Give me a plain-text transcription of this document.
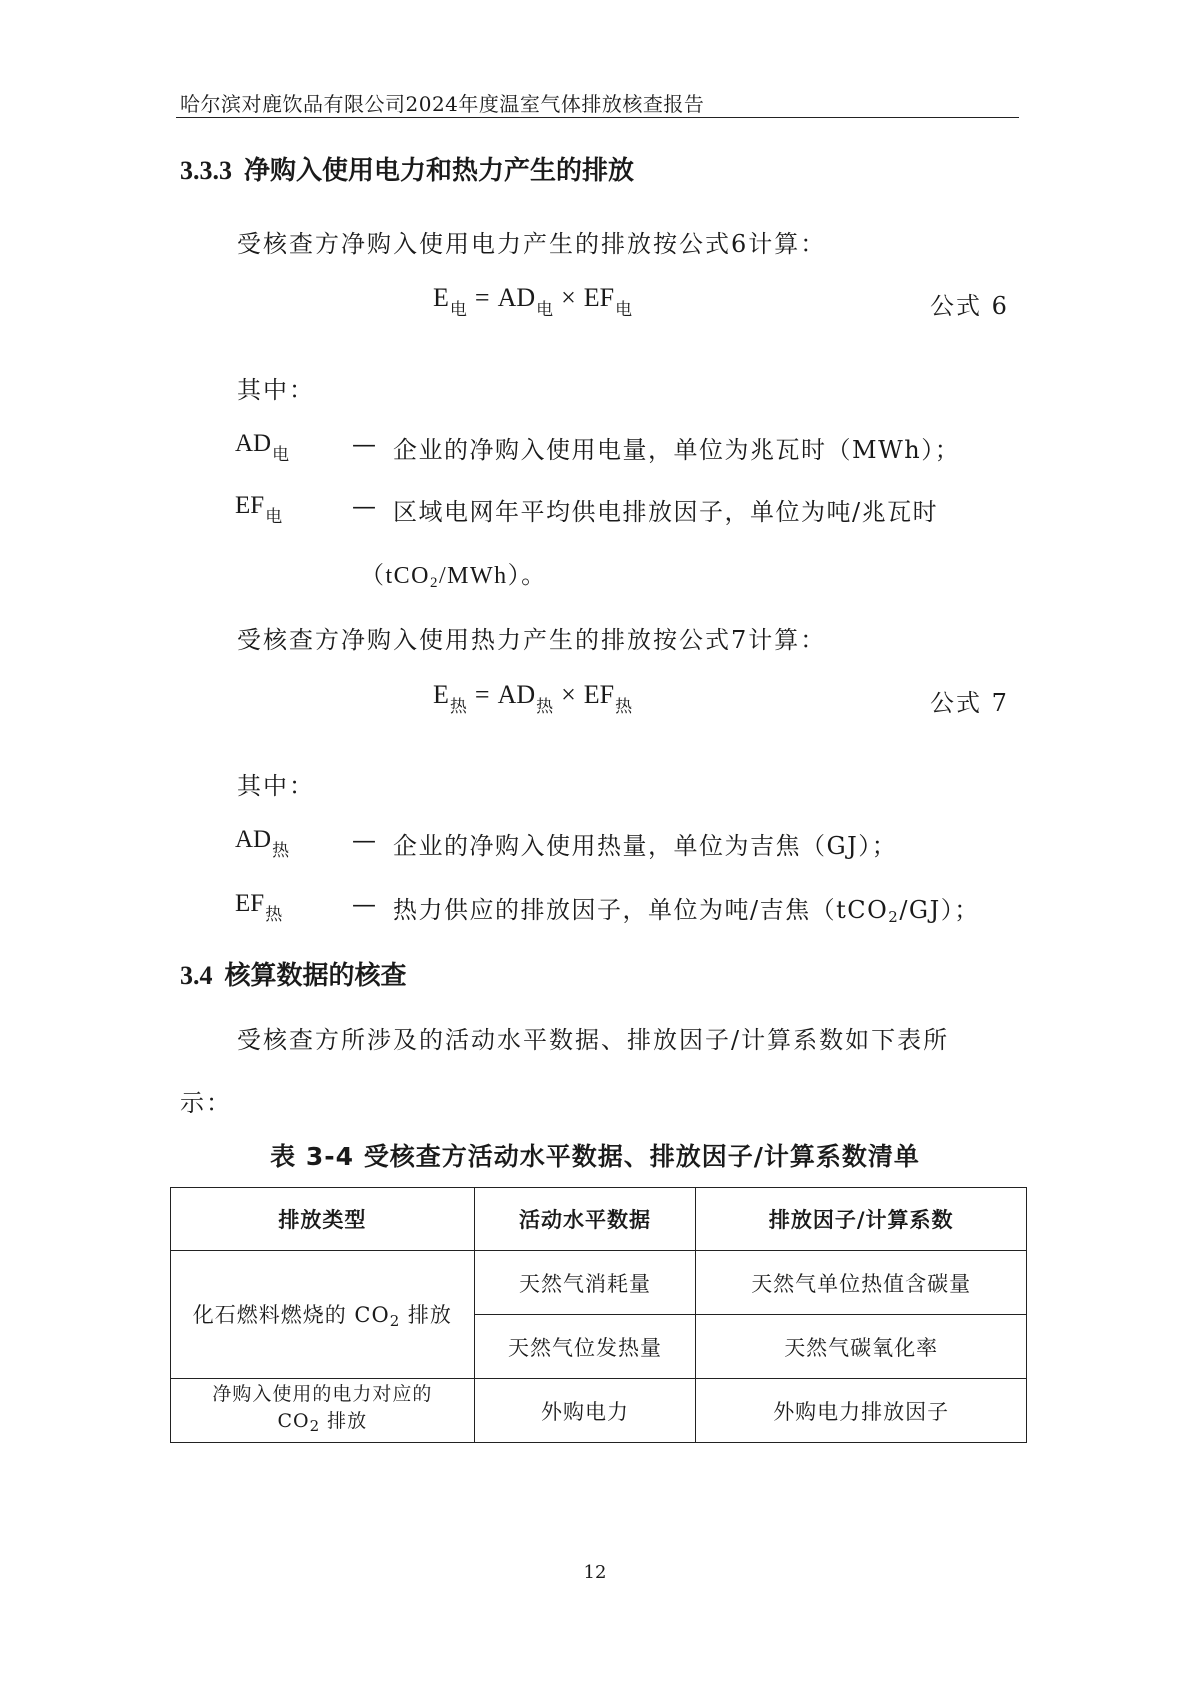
哈尔滨对鹿饮品有限公司2024年度温室气体排放核查报告
3.3.3 净购入使用电力和热力产生的排放
受核查方净购入使用电力产生的排放按公式6计算：
$E_电 = AD_电 \times EF_电$	公式 6
其中：
$AD_电$	— 企业的净购入使用电量，单位为兆瓦时（MWh）；
$EF_电$	— 区域电网年平均供电排放因子，单位为吨/兆瓦时
（tCO$_2$/MWh）。
受核查方净购入使用热力产生的排放按公式7计算：
$E_热 = AD_热 \times EF_热$	公式 7
其中：
$AD_热$	— 企业的净购入使用热量，单位为吉焦（GJ）；
$EF_热$	— 热力供应的排放因子，单位为吨/吉焦（tCO$_2$/GJ）；
3.4 核算数据的核查
受核查方所涉及的活动水平数据、排放因子/计算系数如下表所
示：
表 3-4 受核查方活动水平数据、排放因子/计算系数清单
排放类型	活动水平数据	排放因子/计算系数
化石燃料燃烧的 $CO_2$ 排放	天然气消耗量	天然气单位热值含碳量
	天然气位发热量	天然气碳氧化率
净购入使用的电力对应的
$CO_2$ 排放	外购电力	外购电力排放因子
12
